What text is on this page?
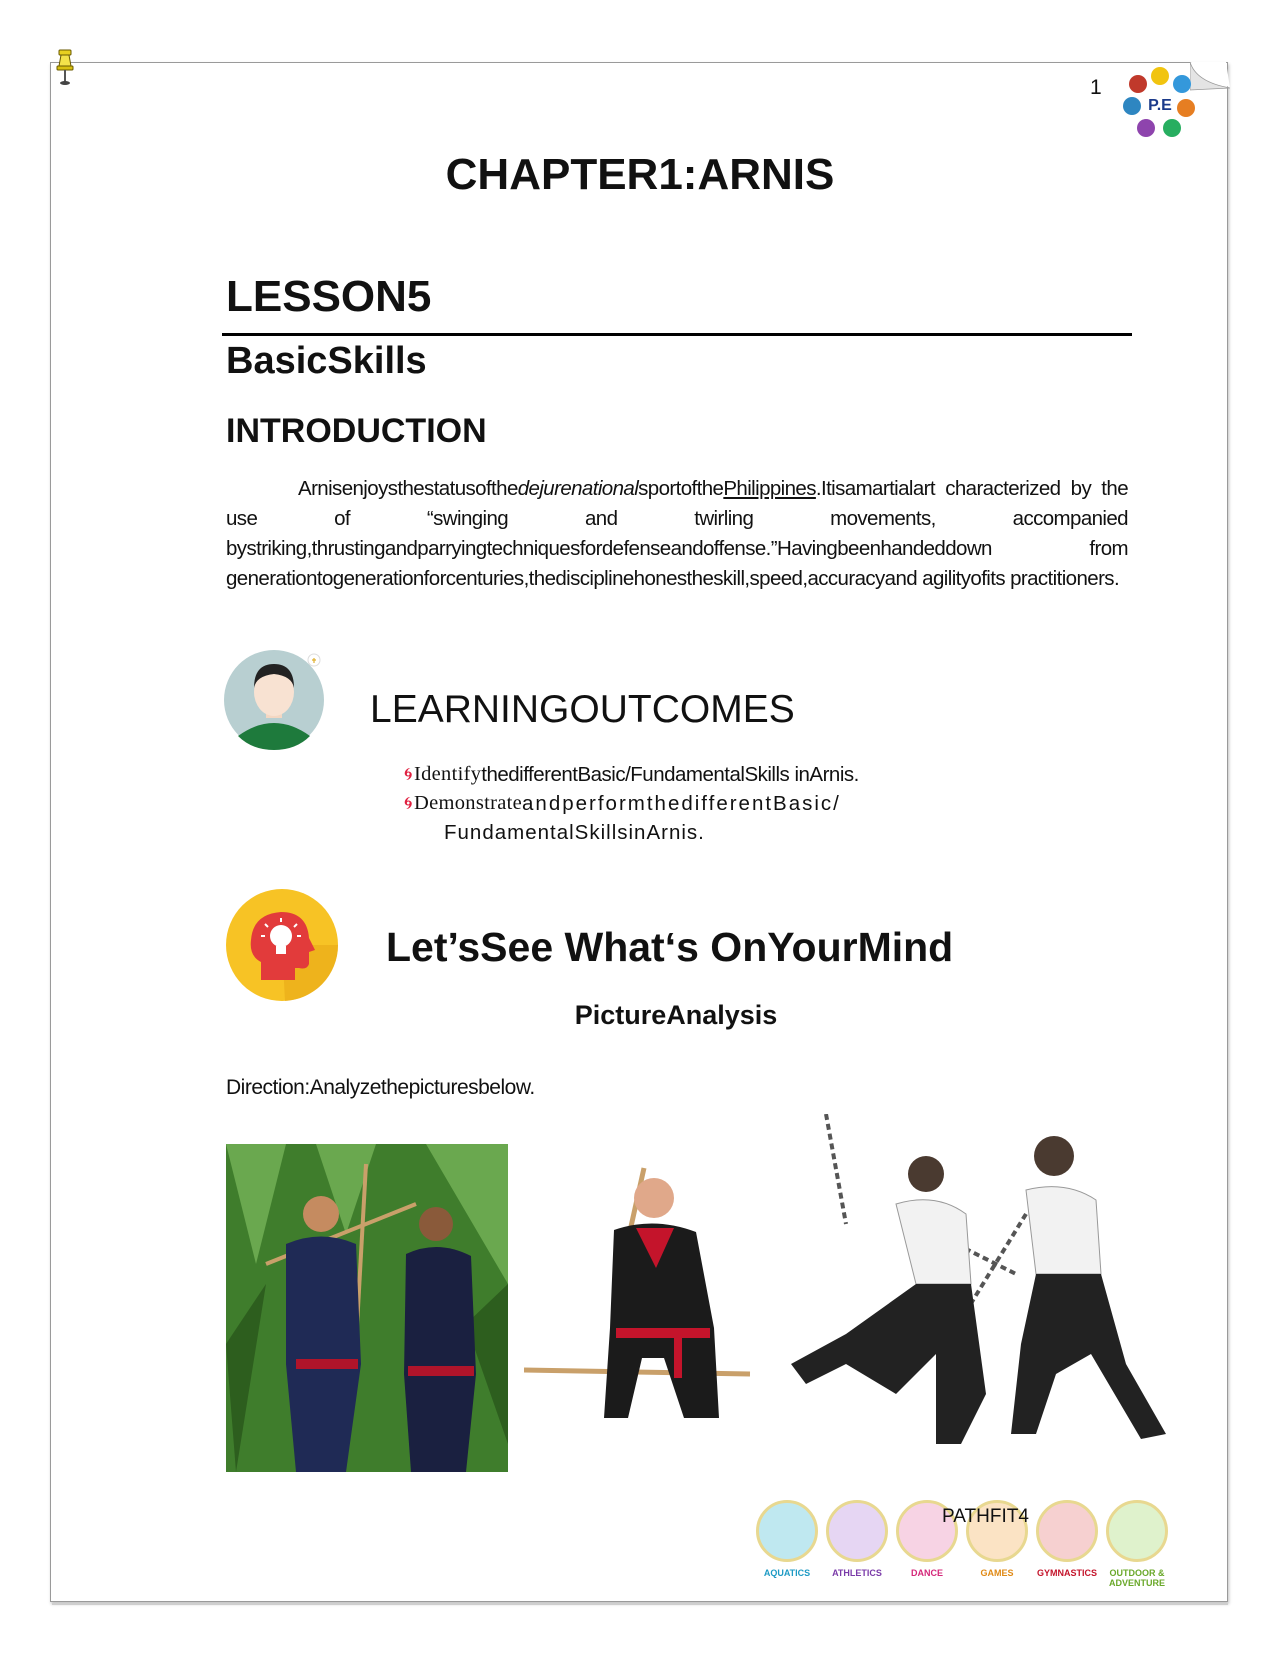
1
P.E
CHAPTER1:ARNIS
LESSON5
BasicSkills
INTRODUCTION
ArnisenjoysthestatusofthedejurenationalsportofthePhilippines.Itisamartialart characterized by the use of “swinging and twirling movements, accompanied bystriking,thrustingandparryingtechniquesfordefenseandoffense.”Havingbeenhandeddown from generationtogenerationforcenturies,thedisciplinehonestheskill,speed,accuracyand agilityofits practitioners.
LEARNINGOUTCOMES
🌀︎ Identify thedifferentBasic/FundamentalSkills inArnis.
🌀︎ Demonstrate andperformthedifferentBasic/
FundamentalSkillsinArnis.
Let’sSee What‘s OnYourMind
PictureAnalysis
Direction:Analyzethepicturesbelow.
AQUATICS	ATHLETICS	DANCE	GAMES	GYMNASTICS	OUTDOOR & ADVENTURE
PATHFIT4
